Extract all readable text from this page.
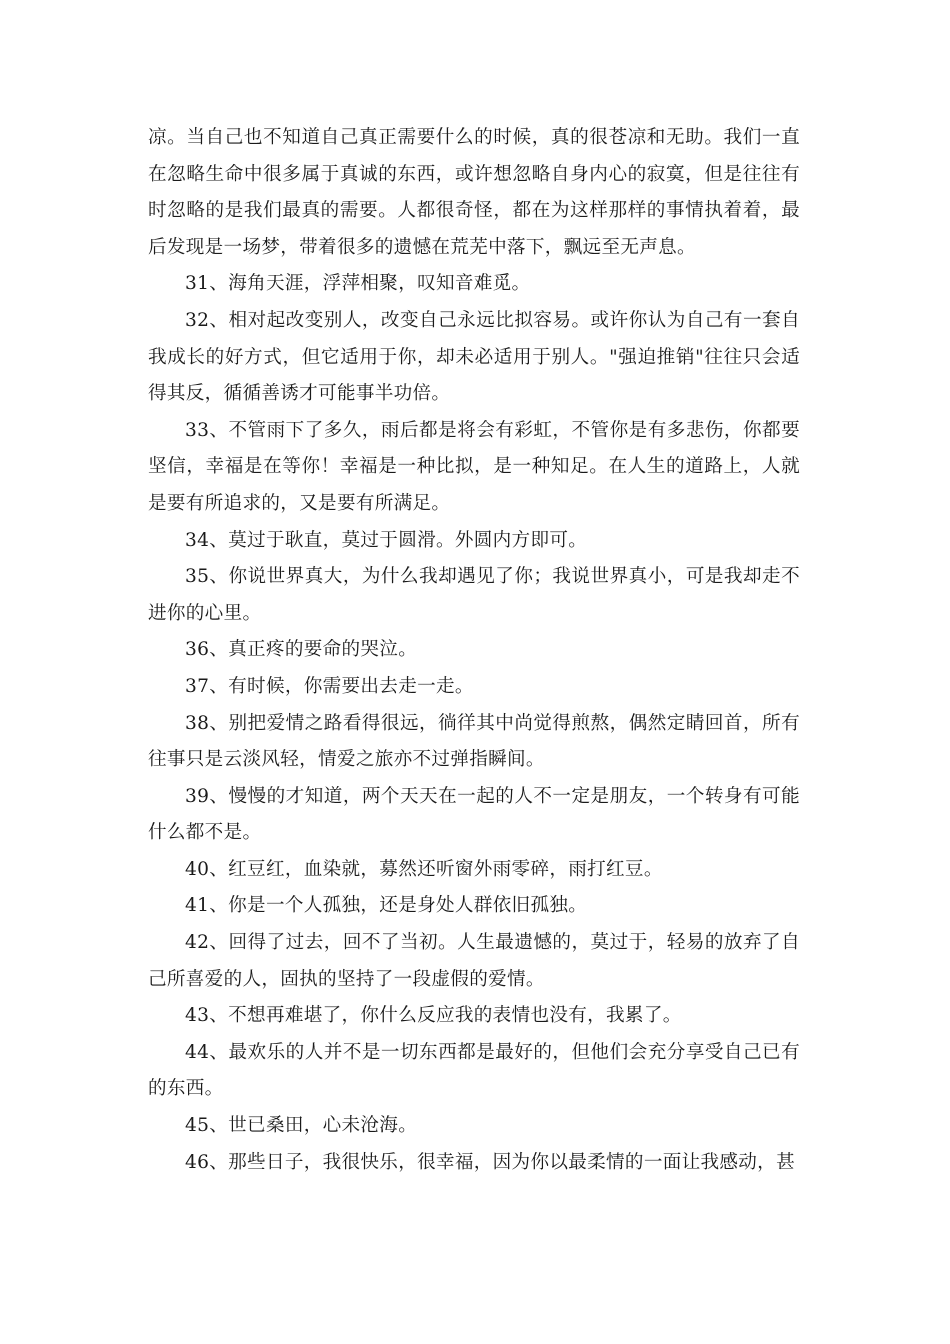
凉。当自己也不知道自己真正需要什么的时候，真的很苍凉和无助。我们一直在忽略生命中很多属于真诚的东西，或许想忽略自身内心的寂寞，但是往往有时忽略的是我们最真的需要。人都很奇怪，都在为这样那样的事情执着着，最后发现是一场梦，带着很多的遗憾在荒芜中落下，飘远至无声息。

31、海角天涯，浮萍相聚，叹知音难觅。

32、相对起改变别人，改变自己永远比拟容易。或许你认为自己有一套自我成长的好方式，但它适用于你，却未必适用于别人。"强迫推销"往往只会适得其反，循循善诱才可能事半功倍。

33、不管雨下了多久，雨后都是将会有彩虹，不管你是有多悲伤，你都要坚信，幸福是在等你！幸福是一种比拟，是一种知足。在人生的道路上，人就是要有所追求的，又是要有所满足。

34、莫过于耿直，莫过于圆滑。外圆内方即可。

35、你说世界真大，为什么我却遇见了你；我说世界真小，可是我却走不进你的心里。

36、真正疼的要命的哭泣。

37、有时候，你需要出去走一走。

38、别把爱情之路看得很远，徜徉其中尚觉得煎熬，偶然定睛回首，所有往事只是云淡风轻，情爱之旅亦不过弹指瞬间。

39、慢慢的才知道，两个天天在一起的人不一定是朋友，一个转身有可能什么都不是。

40、红豆红，血染就，募然还听窗外雨零碎，雨打红豆。

41、你是一个人孤独，还是身处人群依旧孤独。

42、回得了过去，回不了当初。人生最遗憾的，莫过于，轻易的放弃了自己所喜爱的人，固执的坚持了一段虚假的爱情。

43、不想再难堪了，你什么反应我的表情也没有，我累了。

44、最欢乐的人并不是一切东西都是最好的，但他们会充分享受自己已有的东西。

45、世已桑田，心未沧海。

46、那些日子，我很快乐，很幸福，因为你以最柔情的一面让我感动，甚
